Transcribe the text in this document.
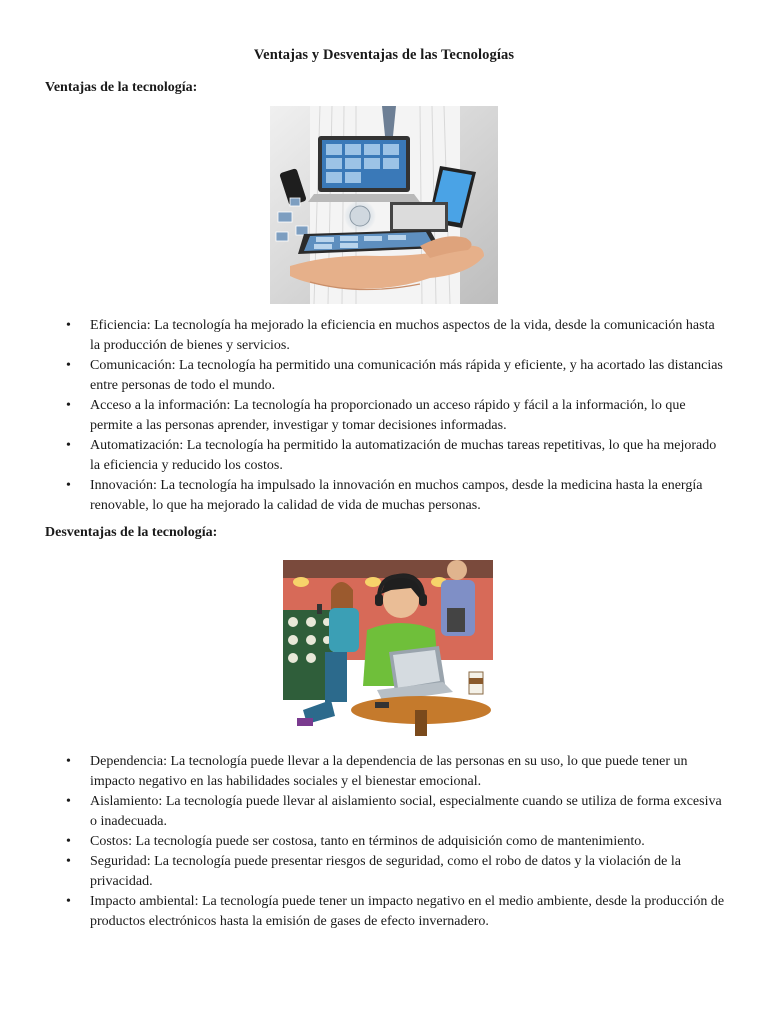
Ventajas y Desventajas de las Tecnologías
Ventajas de la tecnología:
• Eficiencia: La tecnología ha mejorado la eficiencia en muchos aspectos de la vida, desde la comunicación hasta la producción de bienes y servicios.
• Comunicación: La tecnología ha permitido una comunicación más rápida y eficiente, y ha acortado las distancias entre personas de todo el mundo.
• Acceso a la información: La tecnología ha proporcionado un acceso rápido y fácil a la información, lo que permite a las personas aprender, investigar y tomar decisiones informadas.
• Automatización: La tecnología ha permitido la automatización de muchas tareas repetitivas, lo que ha mejorado la eficiencia y reducido los costos.
• Innovación: La tecnología ha impulsado la innovación en muchos campos, desde la medicina hasta la energía renovable, lo que ha mejorado la calidad de vida de muchas personas.
Desventajas de la tecnología:
• Dependencia: La tecnología puede llevar a la dependencia de las personas en su uso, lo que puede tener un impacto negativo en las habilidades sociales y el bienestar emocional.
• Aislamiento: La tecnología puede llevar al aislamiento social, especialmente cuando se utiliza de forma excesiva o inadecuada.
• Costos: La tecnología puede ser costosa, tanto en términos de adquisición como de mantenimiento.
• Seguridad: La tecnología puede presentar riesgos de seguridad, como el robo de datos y la violación de la privacidad.
• Impacto ambiental: La tecnología puede tener un impacto negativo en el medio ambiente, desde la producción de productos electrónicos hasta la emisión de gases de efecto invernadero.
